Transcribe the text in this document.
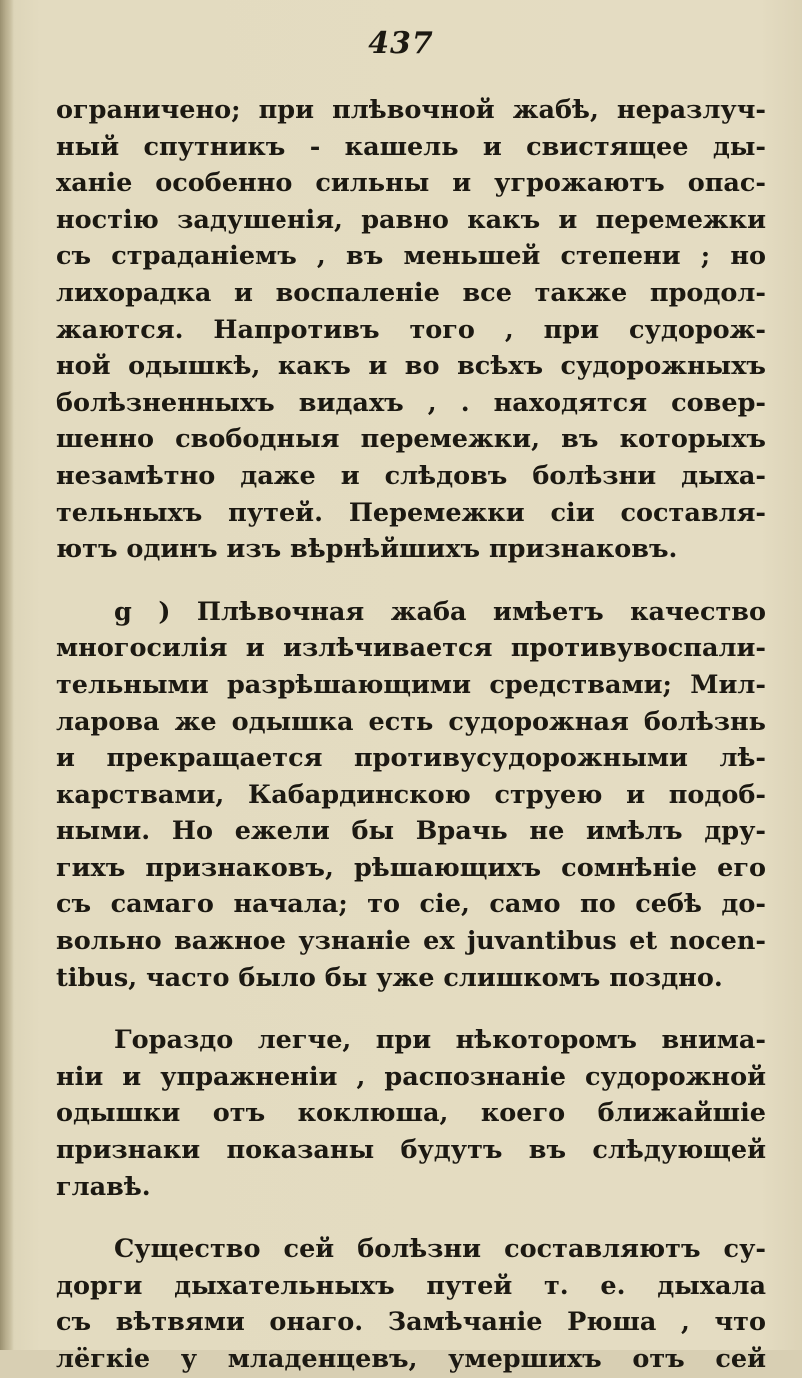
437
ограничено; при плѣвочной жабѣ, неразлуч-
ный спутникъ - кашель и свистящее ды-
ханіе особенно сильны и угрожаютъ опас-
ностію задушенія, равно какъ и перемежки
съ страданіемъ , въ меньшей степени ; но
лихорадка и воспаленіе все также продол-
жаются. Напротивъ того , при судорож-
ной одышкѣ, какъ и во всѣхъ судорожныхъ
болѣзненныхъ видахъ , . находятся совер-
шенно свободныя перемежки, въ которыхъ
незамѣтно даже и слѣдовъ болѣзни дыха-
тельныхъ путей. Перемежки сіи составля-
ютъ одинъ изъ вѣрнѣйшихъ признаковъ.
g ) Плѣвочная жаба имѣетъ качество
многосилія и излѣчивается противувоспали-
тельными разрѣшающими средствами; Мил-
ларова же одышка есть судорожная болѣзнь
и прекращается противусудорожными лѣ-
карствами, Кабардинскою струею и подоб-
ными. Но ежели бы Врачь не имѣлъ дру-
гихъ признаковъ, рѣшающихъ сомнѣніе его
съ самаго начала; то сіе, само по себѣ до-
вольно важное узнаніе ex juvantibus et nocen-
tibus, часто было бы уже слишкомъ поздно.
Гораздо легче, при нѣкоторомъ внима-
ніи и упражненіи , распознаніе судорожной
одышки отъ коклюша, коего ближайшіе
признаки показаны будутъ въ слѣдующей
главѣ.
Существо сей болѣзни составляютъ су-
дорги дыхательныхъ путей т. е. дыхала
съ вѣтвями онаго. Замѣчаніе Рюша , что
лёгкіе у младенцевъ, умершихъ отъ сей
